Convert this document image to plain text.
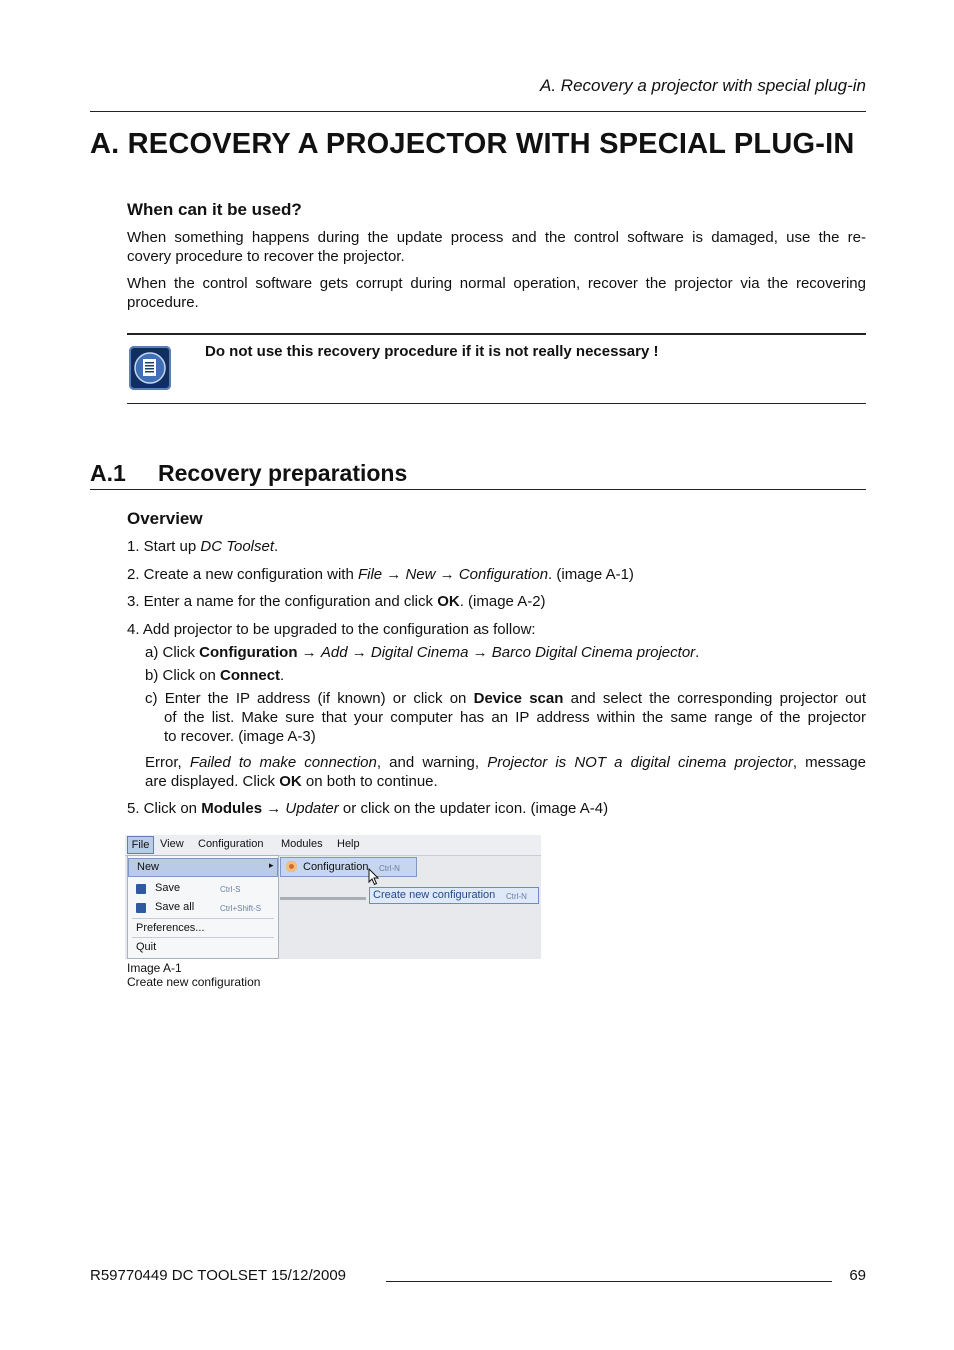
A. Recovery a projector with special plug-in
A. RECOVERY A PROJECTOR WITH SPECIAL PLUG-IN
When can it be used?
When something happens during the update process and the control software is damaged, use the re-
covery procedure to recover the projector.
When the control software gets corrupt during normal operation, recover the projector via the recovering
procedure.
Do not use this recovery procedure if it is not really necessary !
A.1 Recovery preparations
Overview
1. Start up DC Toolset.
2. Create a new configuration with File → New → Configuration. (image A-1)
3. Enter a name for the configuration and click OK. (image A-2)
4. Add projector to be upgraded to the configuration as follow:
a) Click Configuration → Add → Digital Cinema → Barco Digital Cinema projector.
b) Click on Connect.
c) Enter the IP address (if known) or click on Device scan and select the corresponding projector out
of the list. Make sure that your computer has an IP address within the same range of the projector
to recover. (image A-3)
Error, Failed to make connection, and warning, Projector is NOT a digital cinema projector, message
are displayed. Click OK on both to continue.
5. Click on Modules → Updater or click on the updater icon. (image A-4)
File View Configuration Modules Help
New	▸
Save	Ctrl-S
Save all	Ctrl+Shift-S
Preferences...
Quit
Configuration Ctrl-N
Create new configuration Ctrl-N
Image A-1
Create new configuration
R59770449 DC TOOLSET 15/12/2009	69
